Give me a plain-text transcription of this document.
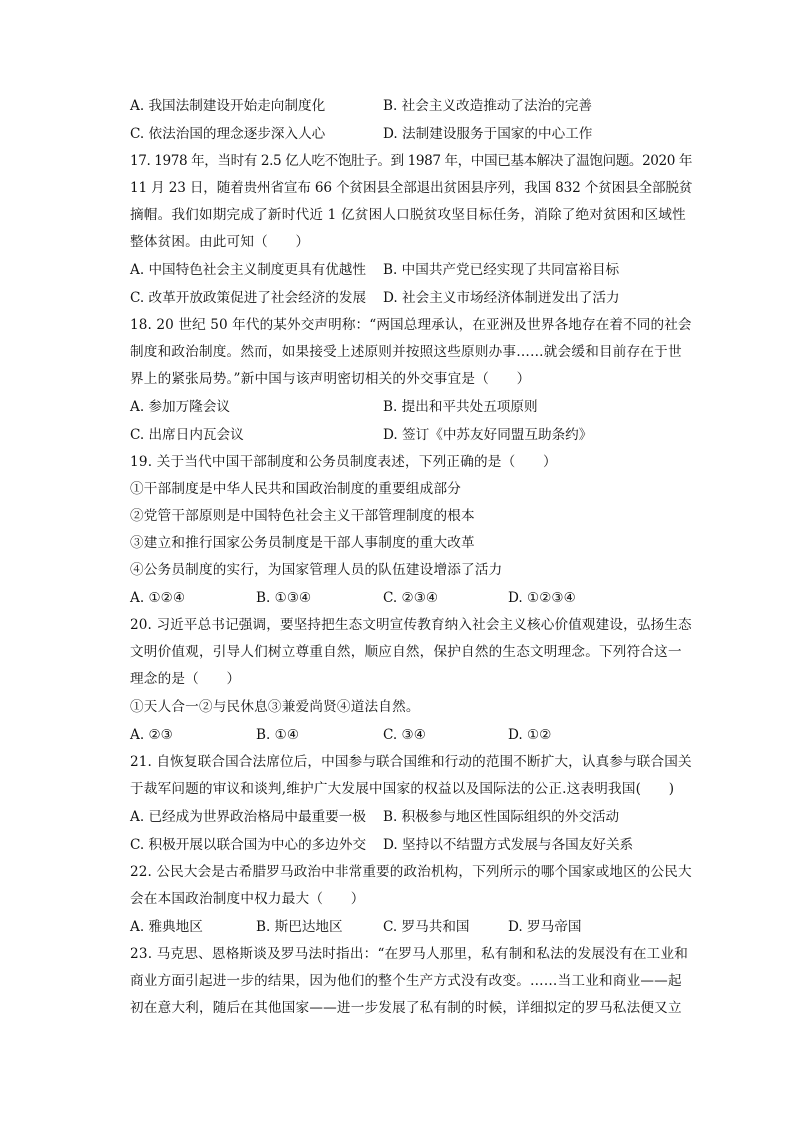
A. 我国法制建设开始走向制度化	B. 社会主义改造推动了法治的完善
C. 依法治国的理念逐步深入人心	D. 法制建设服务于国家的中心工作
17. 1978 年，当时有 2.5 亿人吃不饱肚子。到 1987 年，中国已基本解决了温饱问题。2020 年
11 月 23 日，随着贵州省宣布 66 个贫困县全部退出贫困县序列，我国 832 个贫困县全部脱贫
摘帽。我们如期完成了新时代近 1 亿贫困人口脱贫攻坚目标任务，消除了绝对贫困和区域性
整体贫困。由此可知（　　）
A. 中国特色社会主义制度更具有优越性 B. 中国共产党已经实现了共同富裕目标
C. 改革开放政策促进了社会经济的发展 D. 社会主义市场经济体制迸发出了活力
18. 20 世纪 50 年代的某外交声明称：“两国总理承认，在亚洲及世界各地存在着不同的社会
制度和政治制度。然而，如果接受上述原则并按照这些原则办事……就会缓和目前存在于世
界上的紧张局势。”新中国与该声明密切相关的外交事宜是（　　）
A. 参加万隆会议	B. 提出和平共处五项原则
C. 出席日内瓦会议	D. 签订《中苏友好同盟互助条约》
19. 关于当代中国干部制度和公务员制度表述，下列正确的是（　　）
①干部制度是中华人民共和国政治制度的重要组成部分
②党管干部原则是中国特色社会主义干部管理制度的根本
③建立和推行国家公务员制度是干部人事制度的重大改革
④公务员制度的实行，为国家管理人员的队伍建设增添了活力
A. ①②④	B. ①③④	C. ②③④	D. ①②③④
20. 习近平总书记强调，要坚持把生态文明宣传教育纳入社会主义核心价值观建设，弘扬生态
文明价值观，引导人们树立尊重自然，顺应自然，保护自然的生态文明理念。下列符合这一
理念的是（　　）
①天人合一②与民休息③兼爱尚贤④道法自然。
A. ②③	B. ①④	C. ③④	D. ①②
21. 自恢复联合国合法席位后，中国参与联合国维和行动的范围不断扩大，认真参与联合国关
于裁军问题的审议和谈判,维护广大发展中国家的权益以及国际法的公正.这表明我国(　　)
A. 已经成为世界政治格局中最重要一极 B. 积极参与地区性国际组织的外交活动
C. 积极开展以联合国为中心的多边外交 D. 坚持以不结盟方式发展与各国友好关系
22. 公民大会是古希腊罗马政治中非常重要的政治机构，下列所示的哪个国家或地区的公民大
会在本国政治制度中权力最大（　　）
A. 雅典地区	B. 斯巴达地区	C. 罗马共和国	D. 罗马帝国
23. 马克思、恩格斯谈及罗马法时指出：“在罗马人那里，私有制和私法的发展没有在工业和
商业方面引起进一步的结果，因为他们的整个生产方式没有改变。……当工业和商业——起
初在意大利，随后在其他国家——进一步发展了私有制的时候，详细拟定的罗马私法便又立
